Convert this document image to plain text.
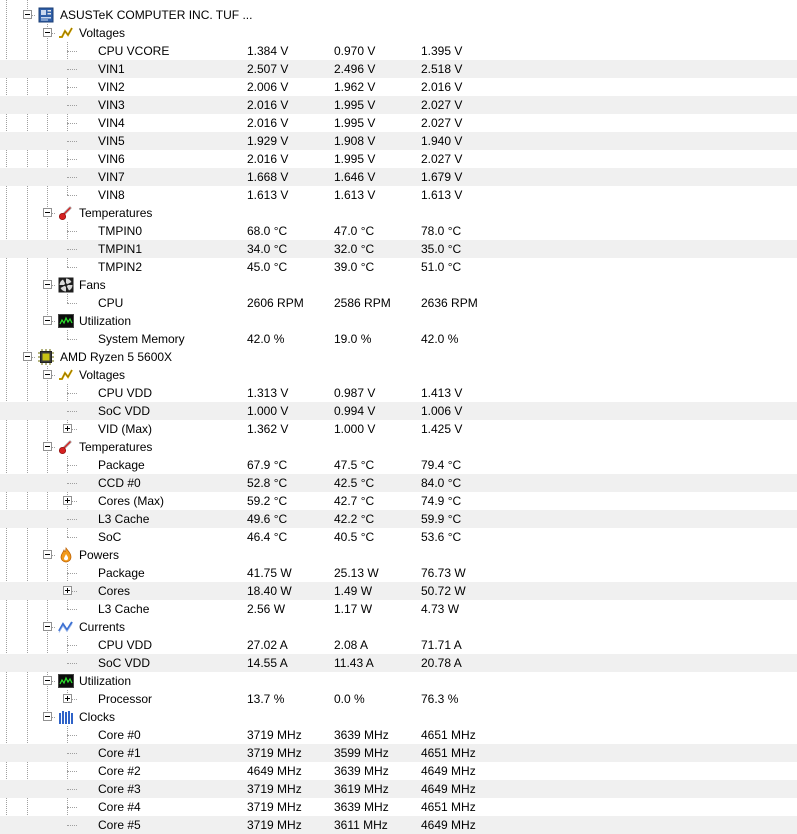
ASUSTeK COMPUTER INC. TUF ...
Voltages
CPU VCORE	1.384 V	0.970 V	1.395 V
VIN1	2.507 V	2.496 V	2.518 V
VIN2	2.006 V	1.962 V	2.016 V
VIN3	2.016 V	1.995 V	2.027 V
VIN4	2.016 V	1.995 V	2.027 V
VIN5	1.929 V	1.908 V	1.940 V
VIN6	2.016 V	1.995 V	2.027 V
VIN7	1.668 V	1.646 V	1.679 V
VIN8	1.613 V	1.613 V	1.613 V
Temperatures
TMPIN0	68.0 °C	47.0 °C	78.0 °C
TMPIN1	34.0 °C	32.0 °C	35.0 °C
TMPIN2	45.0 °C	39.0 °C	51.0 °C
Fans
CPU	2606 RPM	2586 RPM	2636 RPM
Utilization
System Memory	42.0 %	19.0 %	42.0 %
AMD Ryzen 5 5600X
Voltages
CPU VDD	1.313 V	0.987 V	1.413 V
SoC VDD	1.000 V	0.994 V	1.006 V
VID (Max)	1.362 V	1.000 V	1.425 V
Temperatures
Package	67.9 °C	47.5 °C	79.4 °C
CCD #0	52.8 °C	42.5 °C	84.0 °C
Cores (Max)	59.2 °C	42.7 °C	74.9 °C
L3 Cache	49.6 °C	42.2 °C	59.9 °C
SoC	46.4 °C	40.5 °C	53.6 °C
Powers
Package	41.75 W	25.13 W	76.73 W
Cores	18.40 W	1.49 W	50.72 W
L3 Cache	2.56 W	1.17 W	4.73 W
Currents
CPU VDD	27.02 A	2.08 A	71.71 A
SoC VDD	14.55 A	11.43 A	20.78 A
Utilization
Processor	13.7 %	0.0 %	76.3 %
Clocks
Core #0	3719 MHz	3639 MHz	4651 MHz
Core #1	3719 MHz	3599 MHz	4651 MHz
Core #2	4649 MHz	3639 MHz	4649 MHz
Core #3	3719 MHz	3619 MHz	4649 MHz
Core #4	3719 MHz	3639 MHz	4651 MHz
Core #5	3719 MHz	3611 MHz	4649 MHz
